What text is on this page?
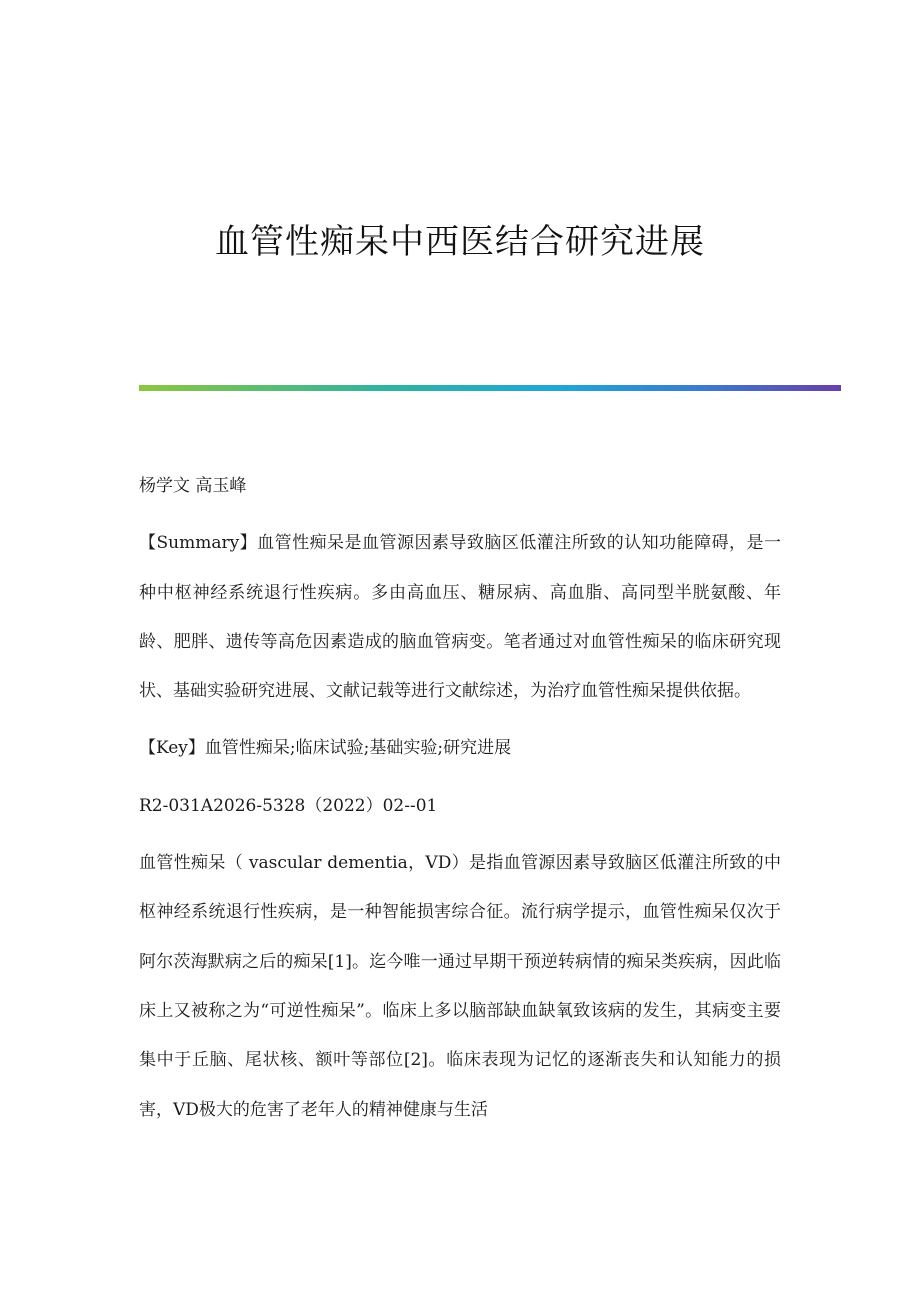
血管性痴呆中西医结合研究进展

杨学文 高玉峰

【Summary】血管性痴呆是血管源因素导致脑区低灌注所致的认知功能障碍，是一种中枢神经系统退行性疾病。多由高血压、糖尿病、高血脂、高同型半胱氨酸、年龄、肥胖、遗传等高危因素造成的脑血管病变。笔者通过对血管性痴呆的临床研究现状、基础实验研究进展、文献记载等进行文献综述，为治疗血管性痴呆提供依据。

【Key】血管性痴呆;临床试验;基础实验;研究进展

R2-031A2026-5328（2022）02--01

血管性痴呆（ vascular dementia，VD）是指血管源因素导致脑区低灌注所致的中枢神经系统退行性疾病，是一种智能损害综合征。流行病学提示，血管性痴呆仅次于阿尔茨海默病之后的痴呆[1]。迄今唯一通过早期干预逆转病情的痴呆类疾病，因此临床上又被称之为“可逆性痴呆”。临床上多以脑部缺血缺氧致该病的发生，其病变主要集中于丘脑、尾状核、额叶等部位[2]。临床表现为记忆的逐渐丧失和认知能力的损害，VD极大的危害了老年人的精神健康与生活
